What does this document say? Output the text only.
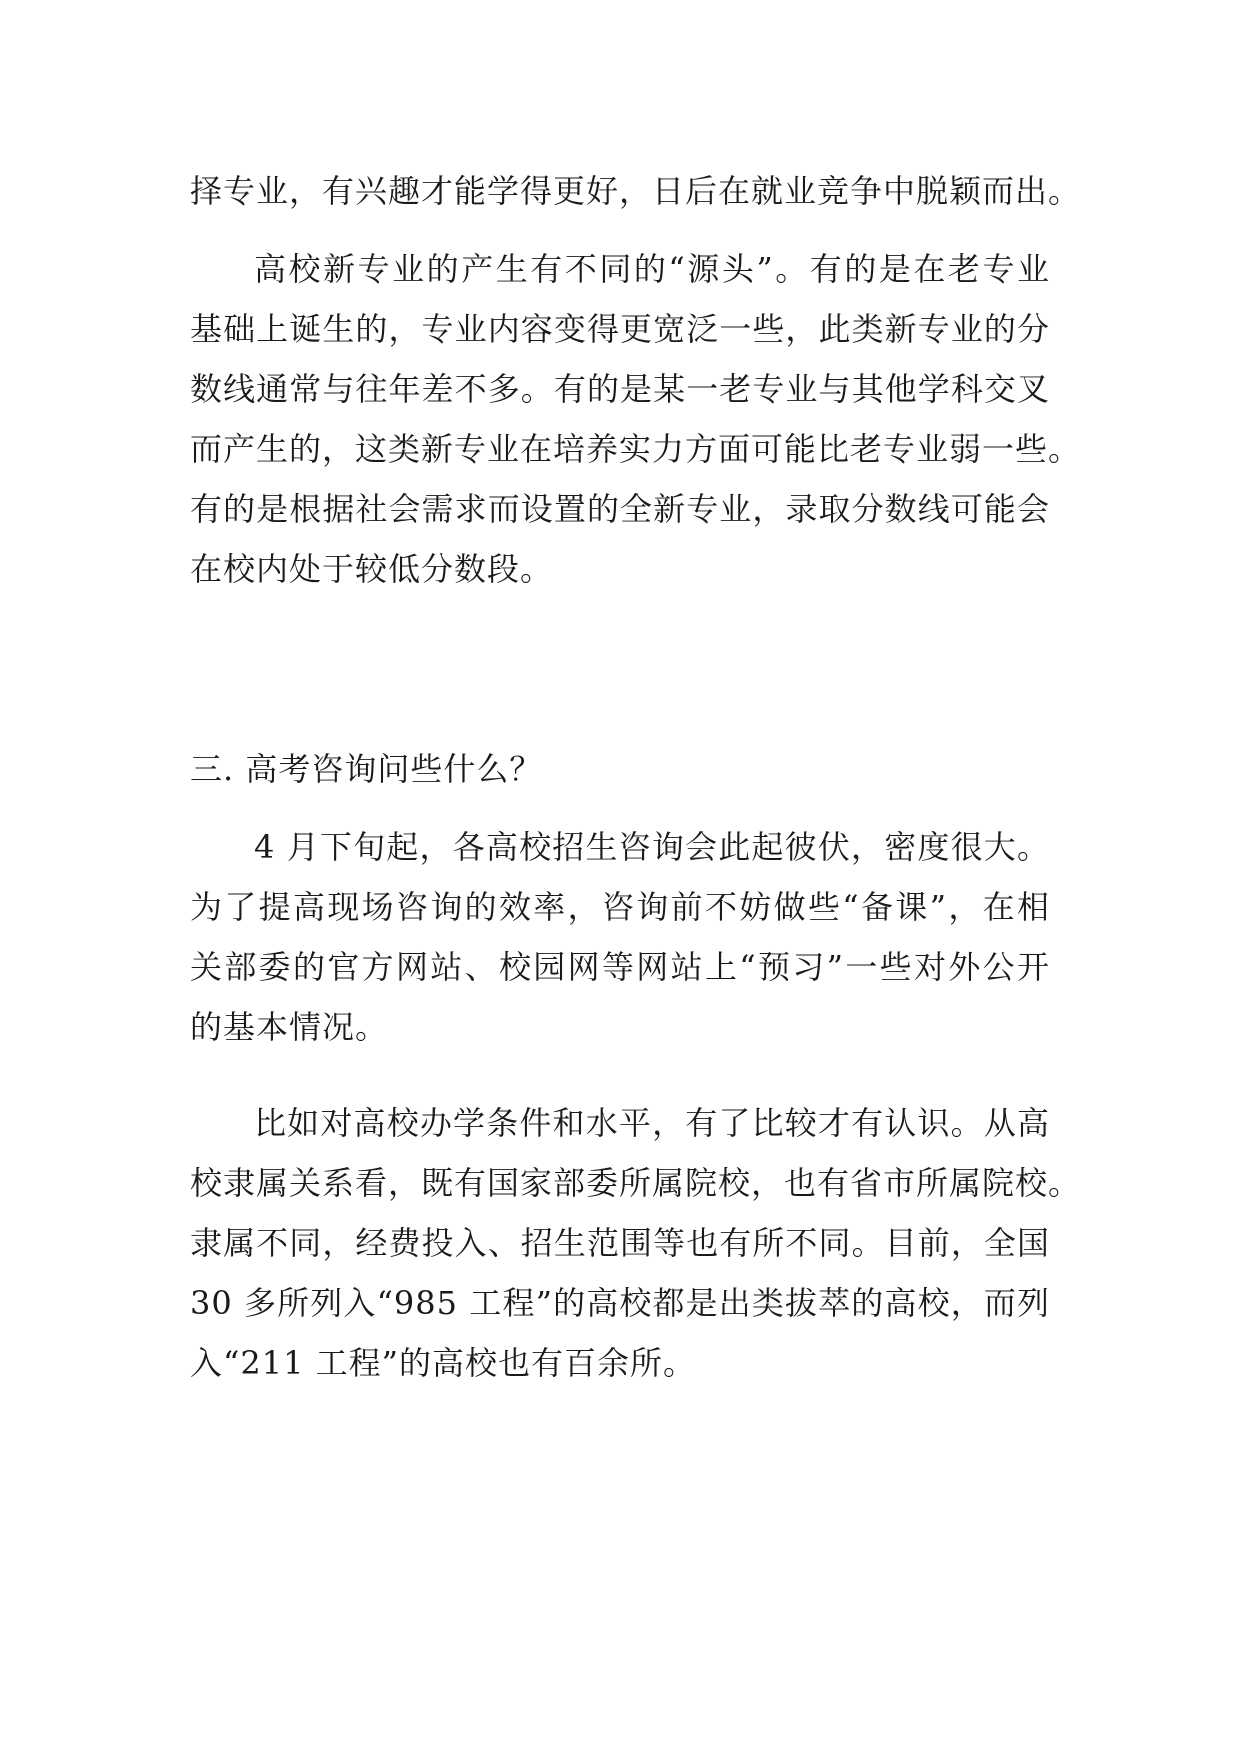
择专业，有兴趣才能学得更好，日后在就业竞争中脱颖而出。
高校新专业的产生有不同的“源头”。有的是在老专业
基础上诞生的，专业内容变得更宽泛一些，此类新专业的分
数线通常与往年差不多。有的是某一老专业与其他学科交叉
而产生的，这类新专业在培养实力方面可能比老专业弱一些。
有的是根据社会需求而设置的全新专业，录取分数线可能会
在校内处于较低分数段。
三. 高考咨询问些什么？
4 月下旬起，各高校招生咨询会此起彼伏，密度很大。
为了提高现场咨询的效率，咨询前不妨做些“备课”，在相
关部委的官方网站、校园网等网站上“预习”一些对外公开
的基本情况。
比如对高校办学条件和水平，有了比较才有认识。从高
校隶属关系看，既有国家部委所属院校，也有省市所属院校。
隶属不同，经费投入、招生范围等也有所不同。目前，全国
30 多所列入“985 工程”的高校都是出类拔萃的高校，而列
入“211 工程”的高校也有百余所。
